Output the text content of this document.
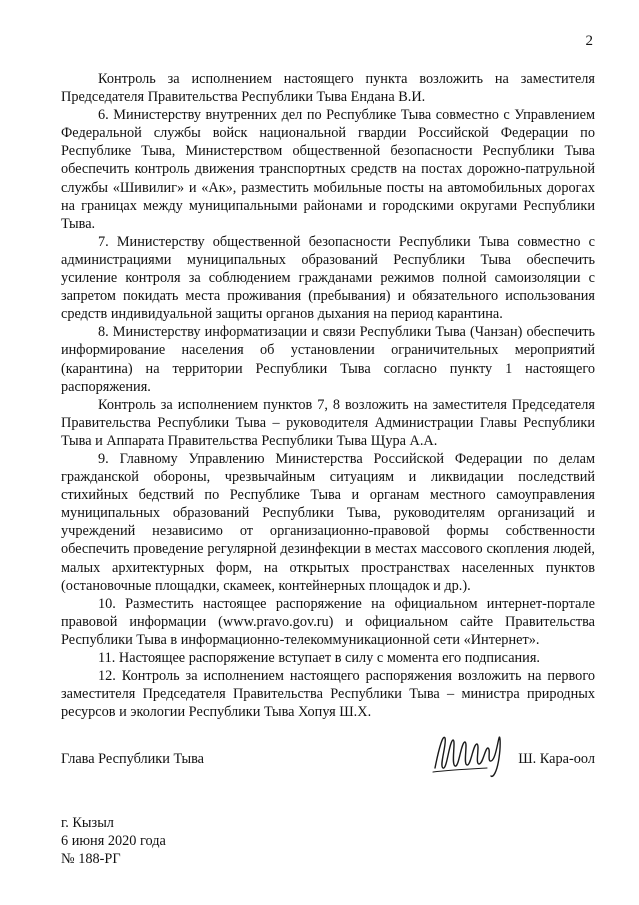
2

Контроль за исполнением настоящего пункта возложить на заместителя Председателя Правительства Республики Тыва Ендана В.И.

6. Министерству внутренних дел по Республике Тыва совместно с Управлением Федеральной службы войск национальной гвардии Российской Федерации по Республике Тыва, Министерством общественной безопасности Республики Тыва обеспечить контроль движения транспортных средств на постах дорожно-патрульной службы «Шивилиг» и «Ак», разместить мобильные посты на автомобильных дорогах на границах между муниципальными районами и городскими округами Республики Тыва.

7. Министерству общественной безопасности Республики Тыва совместно с администрациями муниципальных образований Республики Тыва обеспечить усиление контроля за соблюдением гражданами режимов полной самоизоляции с запретом покидать места проживания (пребывания) и обязательного использования средств индивидуальной защиты органов дыхания на период карантина.

8. Министерству информатизации и связи Республики Тыва (Чанзан) обеспечить информирование населения об установлении ограничительных мероприятий (карантина) на территории Республики Тыва согласно пункту 1 настоящего распоряжения.

Контроль за исполнением пунктов 7, 8 возложить на заместителя Председателя Правительства Республики Тыва – руководителя Администрации Главы Республики Тыва и Аппарата Правительства Республики Тыва Щура А.А.

9. Главному Управлению Министерства Российской Федерации по делам гражданской обороны, чрезвычайным ситуациям и ликвидации последствий стихийных бедствий по Республике Тыва и органам местного самоуправления муниципальных образований Республики Тыва, руководителям организаций и учреждений независимо от организационно-правовой формы собственности обеспечить проведение регулярной дезинфекции в местах массового скопления людей, малых архитектурных форм, на открытых пространствах населенных пунктов (остановочные площадки, скамеек, контейнерных площадок и др.).

10. Разместить настоящее распоряжение на официальном интернет-портале правовой информации (www.pravo.gov.ru) и официальном сайте Правительства Республики Тыва в информационно-телекоммуникационной сети «Интернет».

11. Настоящее распоряжение вступает в силу с момента его подписания.

12. Контроль за исполнением настоящего распоряжения возложить на первого заместителя Председателя Правительства Республики Тыва – министра природных ресурсов и экологии Республики Тыва Хопуя Ш.Х.

Глава Республики Тыва	Ш. Кара-оол
г. Кызыл
6 июня 2020 года
№ 188-РГ
